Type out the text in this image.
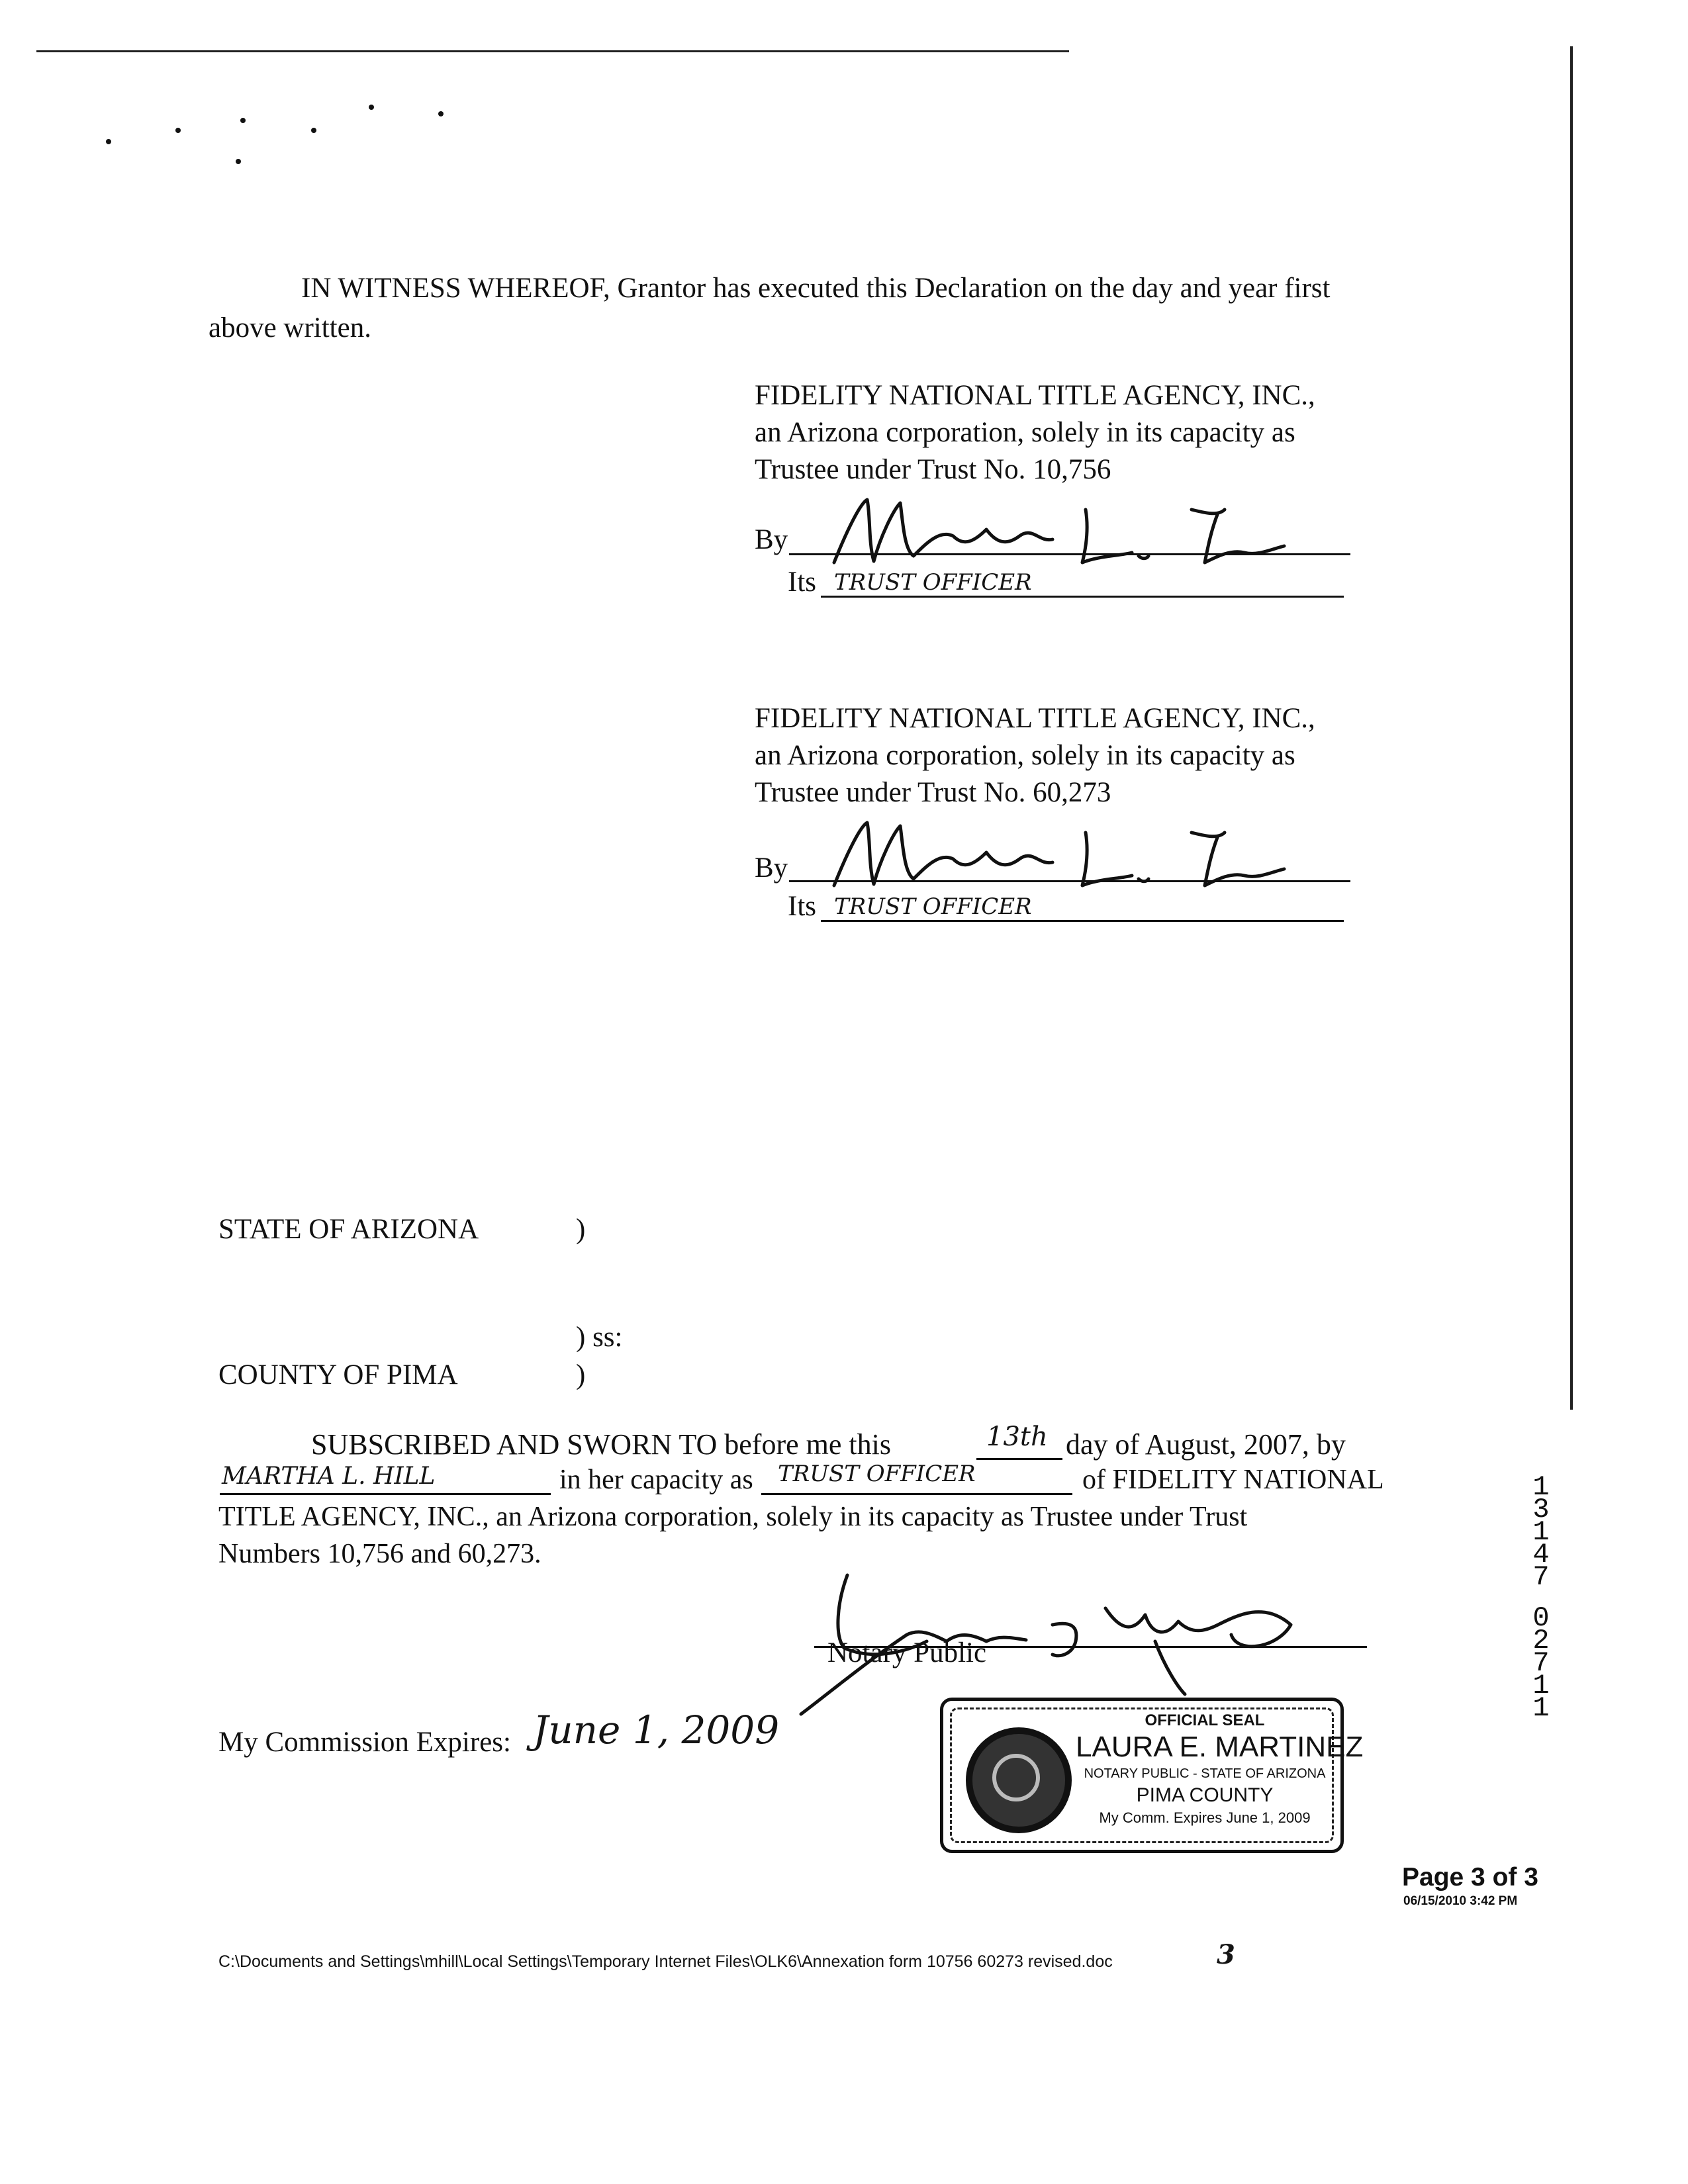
IN WITNESS WHEREOF, Grantor has executed this Declaration on the day and year first
above written.
FIDELITY NATIONAL TITLE AGENCY, INC.,
an Arizona corporation, solely in its capacity as
Trustee under Trust No. 10,756
By
Its TRUST OFFICER
FIDELITY NATIONAL TITLE AGENCY, INC.,
an Arizona corporation, solely in its capacity as
Trustee under Trust No. 60,273
By
Its TRUST OFFICER
STATE OF ARIZONA	)
) ss:
COUNTY OF PIMA	)
SUBSCRIBED AND SWORN TO before me this	13th day of August, 2007, by
MARTHA L. HILL	in her capacity as TRUST OFFICER	of FIDELITY NATIONAL
TITLE AGENCY, INC., an Arizona corporation, solely in its capacity as Trustee under Trust
Numbers 10,756 and 60,273.
Notary Public
My Commission Expires: June 1, 2009	OFFICIAL SEAL
LAURA E. MARTINEZ
NOTARY PUBLIC - STATE OF ARIZONA
PIMA COUNTY
My Comm. Expires June 1, 2009
1
3
1
4
7
0
2
7
1
1
Page 3 of 3
06/15/2010 3:42 PM
C:\Documents and Settings\mhill\Local Settings\Temporary Internet Files\OLK6\Annexation form 10756 60273 revised.doc	3
